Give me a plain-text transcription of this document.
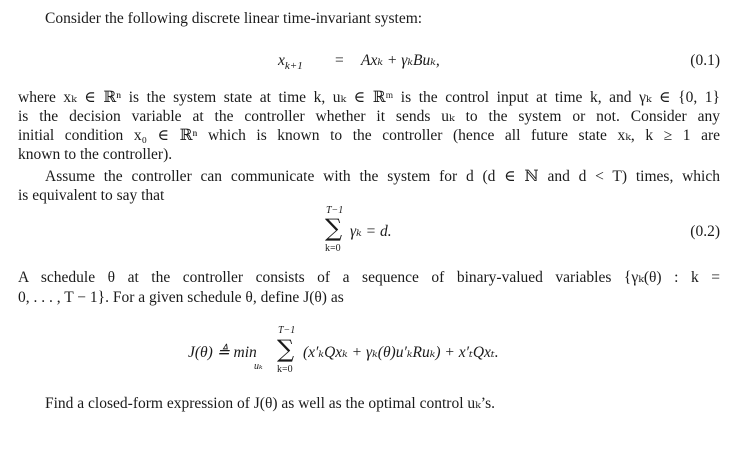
Consider the following discrete linear time-invariant system:
$x_{k+1} = Ax_k + \gamma_kBu_k$,	(0.1)
where xₖ ∈ ℝⁿ is the system state at time k, uₖ ∈ ℝᵐ is the control input at time k, and γₖ ∈ {0, 1}
is the decision variable at the controller whether it sends uₖ to the system or not. Consider any
initial condition x₀ ∈ ℝⁿ which is known to the controller (hence all future state xₖ, k ≥ 1 are
known to the controller).
Assume the controller can communicate with the system for d (d ∈ ℕ and d < T) times, which
is equivalent to say that
T−1
∑
k=0
γₖ = d.	(0.2)
A schedule θ at the controller consists of a sequence of binary-valued variables {γₖ(θ) : k =
0, . . . , T − 1}. For a given schedule θ, define J(θ) as
T−1
J(θ) ≜ min
uₖ
∑
k=0
(x′ₖQxₖ + γₖ(θ)u′ₖRuₖ) + x′ₜQxₜ.
Find a closed-form expression of J(θ) as well as the optimal control uₖ’s.
